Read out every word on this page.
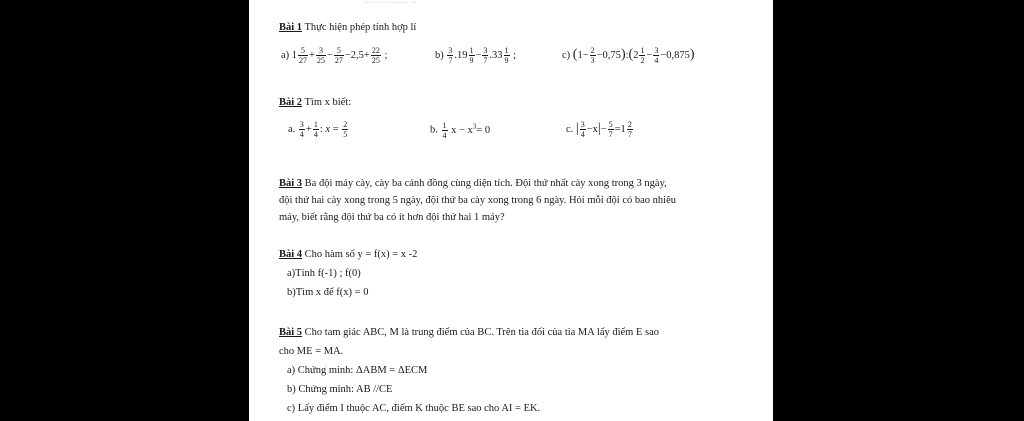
...... ........... ..
Bài 1 Thực hiện phép tính hợp lí
a) $1 \frac{5}{27} + \frac{3}{25} - \frac{5}{27} -2,5+ \frac{22}{25}$ ;	$b) \frac{3}{7} .19 \frac{1}{9} - \frac{3}{7} .33 \frac{1}{9}$ ;	c) ($1- \frac{2}{3}$ −0,75):(2 $\frac{1}{2} - \frac{3}{4} -0,875$)
Bài 2 Tìm x biết:
a. $\frac{3}{4} + \frac{1}{4}$ : $x = \frac{2}{5}$	b. $\frac{1}{4}$ $x - x^3= 0$	c. | $\frac{3}{4} -x|- \frac{5}{7} =1 \frac{2}{7}$
Bài 3 Ba đội máy cày, cày ba cánh đồng cùng diện tích. Đội thứ nhất cày xong trong 3 ngày,
đội thứ hai cày xong trong 5 ngày, đội thứ ba cày xong trong 6 ngày. Hỏi mỗi đội có bao nhiêu
máy, biết rằng đội thứ ba có ít hơn đội thứ hai 1 máy?
Bài 4 Cho hàm số y = f(x) = x -2
a)Tính f(-1) ; f(0)
b)Tìm x để f(x) = 0
Bài 5 Cho tam giác ABC, M là trung điểm của BC. Trên tia đối của tia MA lấy điểm E sao
cho ME = MA.
a) Chứng minh: ΔABM = ΔECM
b) Chứng minh: AB //CE
c) Lấy điểm I thuộc AC, điểm K thuộc BE sao cho AI = EK.
